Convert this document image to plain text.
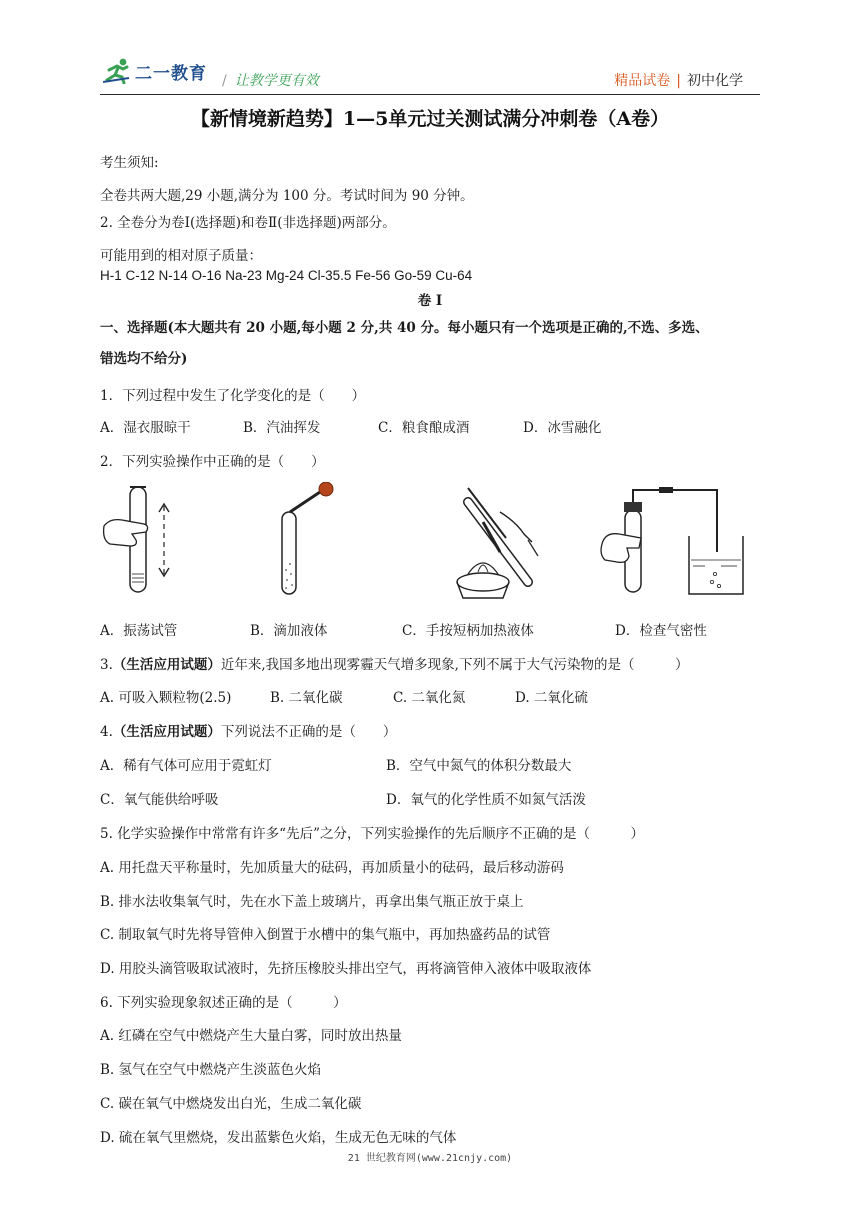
二一教育 / 让教学更有效	精品试卷 | 初中化学
【新情境新趋势】1—5单元过关测试满分冲刺卷（A卷）
考生须知:
全卷共两大题,29 小题,满分为 100 分。考试时间为 90 分钟。
2. 全卷分为卷Ⅰ(选择题)和卷Ⅱ(非选择题)两部分。
可能用到的相对原子质量：
H-1 C-12 N-14 O-16 Na-23 Mg-24 Cl-35.5 Fe-56 Go-59 Cu-64
卷 I
一、选择题(本大题共有 20 小题,每小题 2 分,共 40 分。每小题只有一个选项是正确的,不选、多选、
错选均不给分)
1．下列过程中发生了化学变化的是（　　）
A．湿衣服晾干	B．汽油挥发	C．粮食酿成酒	D．冰雪融化
2．下列实验操作中正确的是（　　）
A．振荡试管	B．滴加液体	C．手按短柄加热液体	D．检查气密性
3.（生活应用试题）近年来,我国多地出现雾霾天气增多现象,下列不属于大气污染物的是（　　　）
A. 可吸入颗粒物(2.5)	B. 二氧化碳	C. 二氧化氮	D. 二氧化硫
4.（生活应用试题）下列说法不正确的是（　　）
A．稀有气体可应用于霓虹灯	B．空气中氮气的体积分数最大
C．氧气能供给呼吸	D．氧气的化学性质不如氮气活泼
5. 化学实验操作中常常有许多“先后”之分，下列实验操作的先后顺序不正确的是（　　　）
A. 用托盘天平称量时，先加质量大的砝码，再加质量小的砝码，最后移动游码
B. 排水法收集氧气时，先在水下盖上玻璃片，再拿出集气瓶正放于桌上
C. 制取氧气时先将导管伸入倒置于水槽中的集气瓶中，再加热盛药品的试管
D. 用胶头滴管吸取试液时，先挤压橡胶头排出空气，再将滴管伸入液体中吸取液体
6. 下列实验现象叙述正确的是（　　　）
A. 红磷在空气中燃烧产生大量白雾，同时放出热量
B. 氢气在空气中燃烧产生淡蓝色火焰
C. 碳在氧气中燃烧发出白光，生成二氧化碳
D. 硫在氧气里燃烧，发出蓝紫色火焰，生成无色无味的气体
21 世纪教育网(www.21cnjy.com)
